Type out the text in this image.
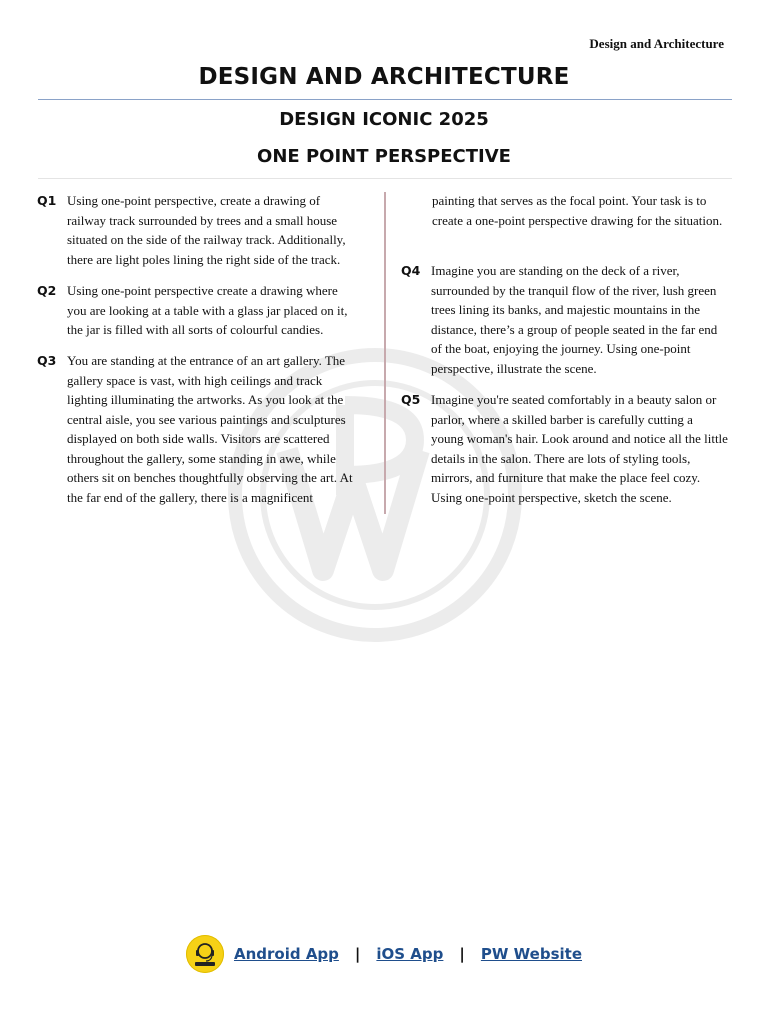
Design and Architecture
DESIGN AND ARCHITECTURE
DESIGN ICONIC 2025
ONE POINT PERSPECTIVE
Q1 Using one-point perspective, create a drawing of railway track surrounded by trees and a small house situated on the side of the railway track. Additionally, there are light poles lining the right side of the track.
Q2 Using one-point perspective create a drawing where you are looking at a table with a glass jar placed on it, the jar is filled with all sorts of colourful candies.
Q3 You are standing at the entrance of an art gallery. The gallery space is vast, with high ceilings and track lighting illuminating the artworks. As you look at the central aisle, you see various paintings and sculptures displayed on both side walls. Visitors are scattered throughout the gallery, some standing in awe, while others sit on benches thoughtfully observing the art. At the far end of the gallery, there is a magnificent
painting that serves as the focal point. Your task is to create a one-point perspective drawing for the situation.
Q4 Imagine you are standing on the deck of a river, surrounded by the tranquil flow of the river, lush green trees lining its banks, and majestic mountains in the distance, there’s a group of people seated in the far end of the boat, enjoying the journey. Using one-point perspective, illustrate the scene.
Q5 Imagine you're seated comfortably in a beauty salon or parlor, where a skilled barber is carefully cutting a young woman's hair. Look around and notice all the little details in the salon. There are lots of styling tools, mirrors, and furniture that make the place feel cozy. Using one-point perspective, sketch the scene.
Android App | iOS App | PW Website
